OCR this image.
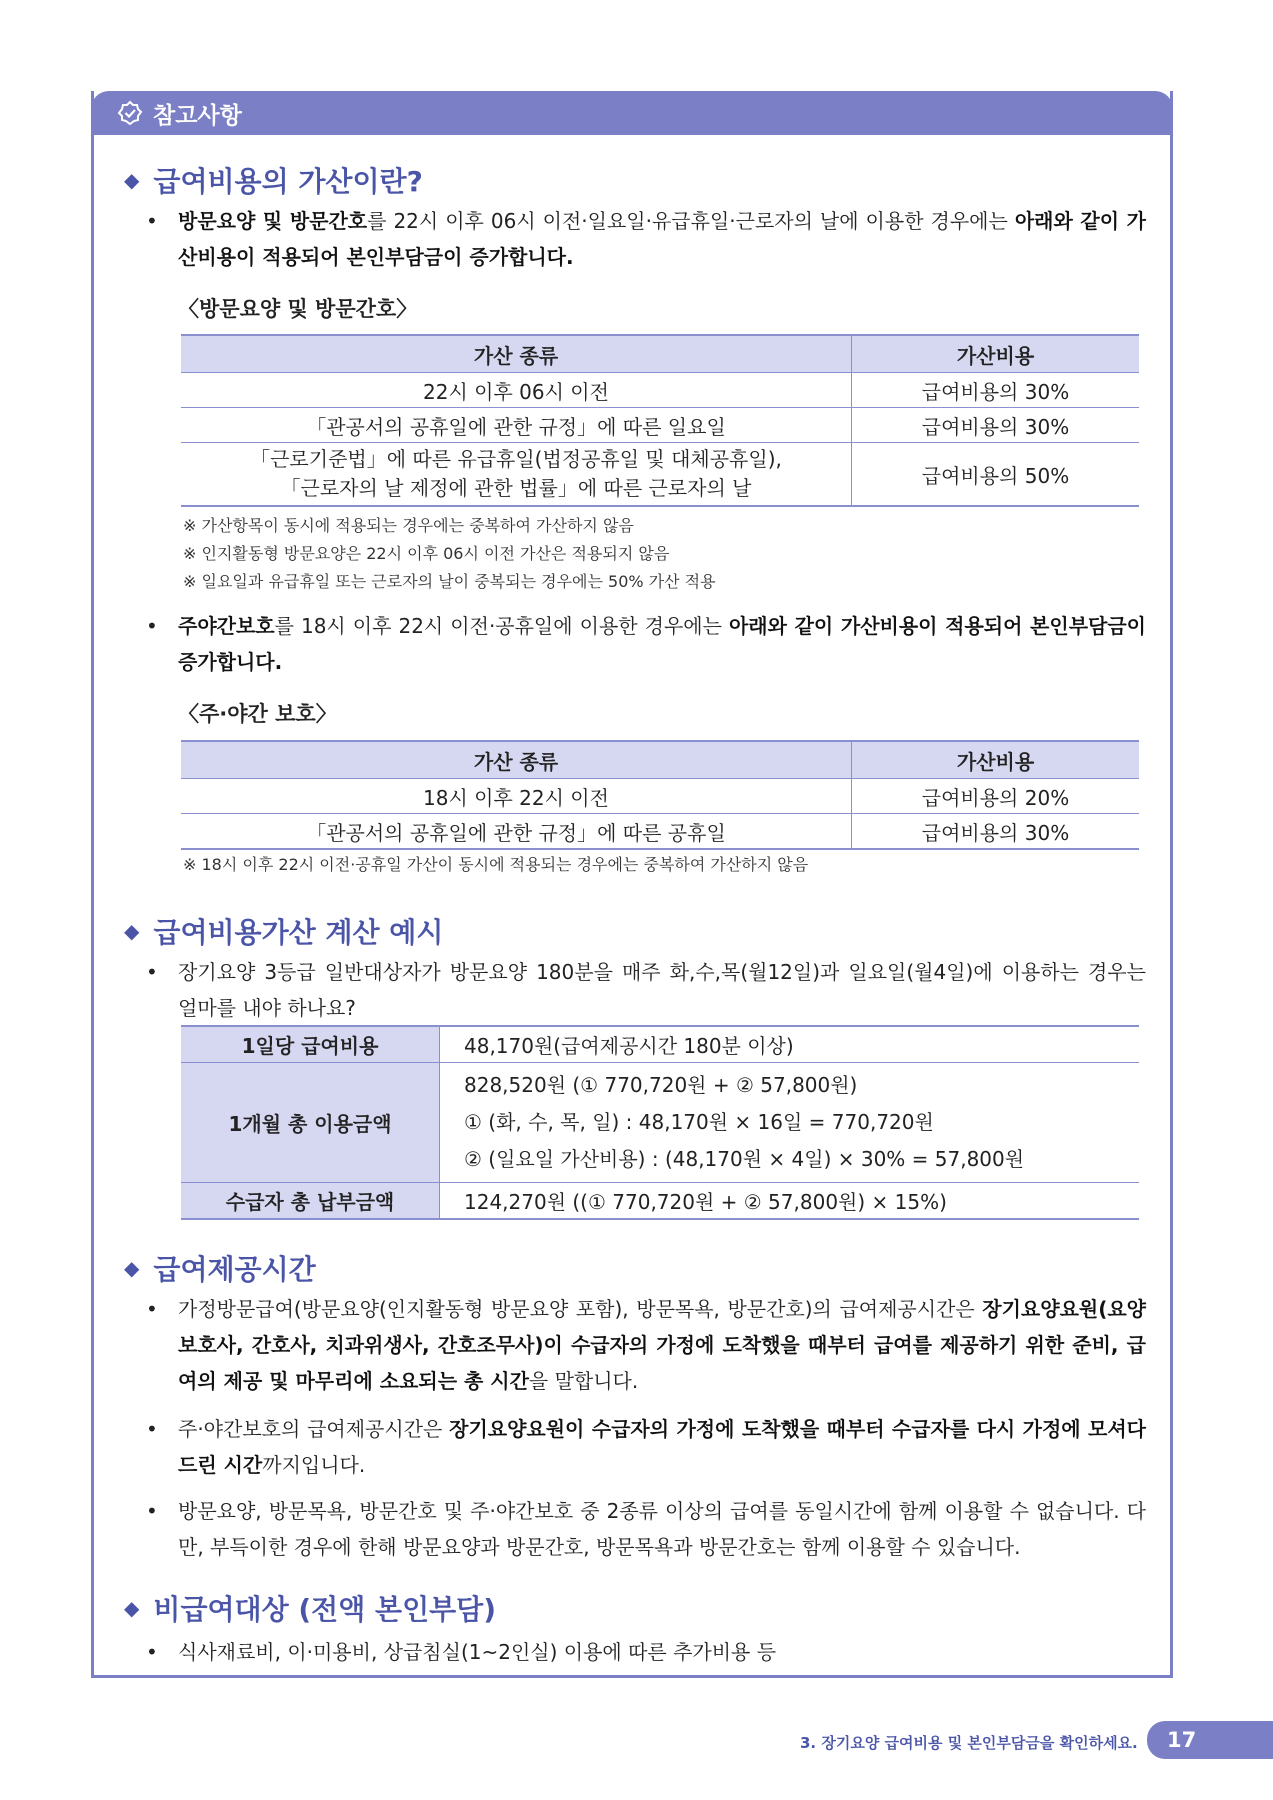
참고사항
◆ 급여비용의 가산이란?
• 방문요양 및 방문간호를 22시 이후 06시 이전·일요일·유급휴일·근로자의 날에 이용한 경우에는 아래와 같이 가산비용이 적용되어 본인부담금이 증가합니다.
〈방문요양 및 방문간호〉
가산 종류	가산비용
22시 이후 06시 이전	급여비용의 30%
「관공서의 공휴일에 관한 규정」에 따른 일요일	급여비용의 30%

「근로기준법」에 따른 유급휴일(법정공휴일 및 대체공휴일),
「근로자의 날 제정에 관한 법률」에 따른 근로자의 날	급여비용의 50%
※ 가산항목이 동시에 적용되는 경우에는 중복하여 가산하지 않음
※ 인지활동형 방문요양은 22시 이후 06시 이전 가산은 적용되지 않음
※ 일요일과 유급휴일 또는 근로자의 날이 중복되는 경우에는 50% 가산 적용
• 주야간보호를 18시 이후 22시 이전·공휴일에 이용한 경우에는 아래와 같이 가산비용이 적용되어 본인부담금이 증가합니다.
〈주·야간 보호〉
가산 종류	가산비용
18시 이후 22시 이전	급여비용의 20%
「관공서의 공휴일에 관한 규정」에 따른 공휴일	급여비용의 30%
※ 18시 이후 22시 이전·공휴일 가산이 동시에 적용되는 경우에는 중복하여 가산하지 않음
◆ 급여비용가산 계산 예시
• 장기요양 3등급 일반대상자가 방문요양 180분을 매주 화,수,목(월12일)과 일요일(월4일)에 이용하는 경우는 얼마를 내야 하나요?
1일당 급여비용	48,170원(급여제공시간 180분 이상)
1개월 총 이용금액	828,520원 (① 770,720원 + ② 57,800원)
① (화, 수, 목, 일) : 48,170원 × 16일 = 770,720원
② (일요일 가산비용) : (48,170원 × 4일) × 30% = 57,800원

수급자 총 납부금액	124,270원 ((① 770,720원 + ② 57,800원) × 15%)
◆ 급여제공시간
• 가정방문급여(방문요양(인지활동형 방문요양 포함), 방문목욕, 방문간호)의 급여제공시간은 장기요양요원(요양보호사, 간호사, 치과위생사, 간호조무사)이 수급자의 가정에 도착했을 때부터 급여를 제공하기 위한 준비, 급여의 제공 및 마무리에 소요되는 총 시간을 말합니다.
• 주·야간보호의 급여제공시간은 장기요양요원이 수급자의 가정에 도착했을 때부터 수급자를 다시 가정에 모셔다 드린 시간까지입니다.
• 방문요양, 방문목욕, 방문간호 및 주·야간보호 중 2종류 이상의 급여를 동일시간에 함께 이용할 수 없습니다. 다만, 부득이한 경우에 한해 방문요양과 방문간호, 방문목욕과 방문간호는 함께 이용할 수 있습니다.
◆ 비급여대상 (전액 본인부담)
• 식사재료비, 이·미용비, 상급침실(1~2인실) 이용에 따른 추가비용 등
3. 장기요양 급여비용 및 본인부담금을 확인하세요.	17
